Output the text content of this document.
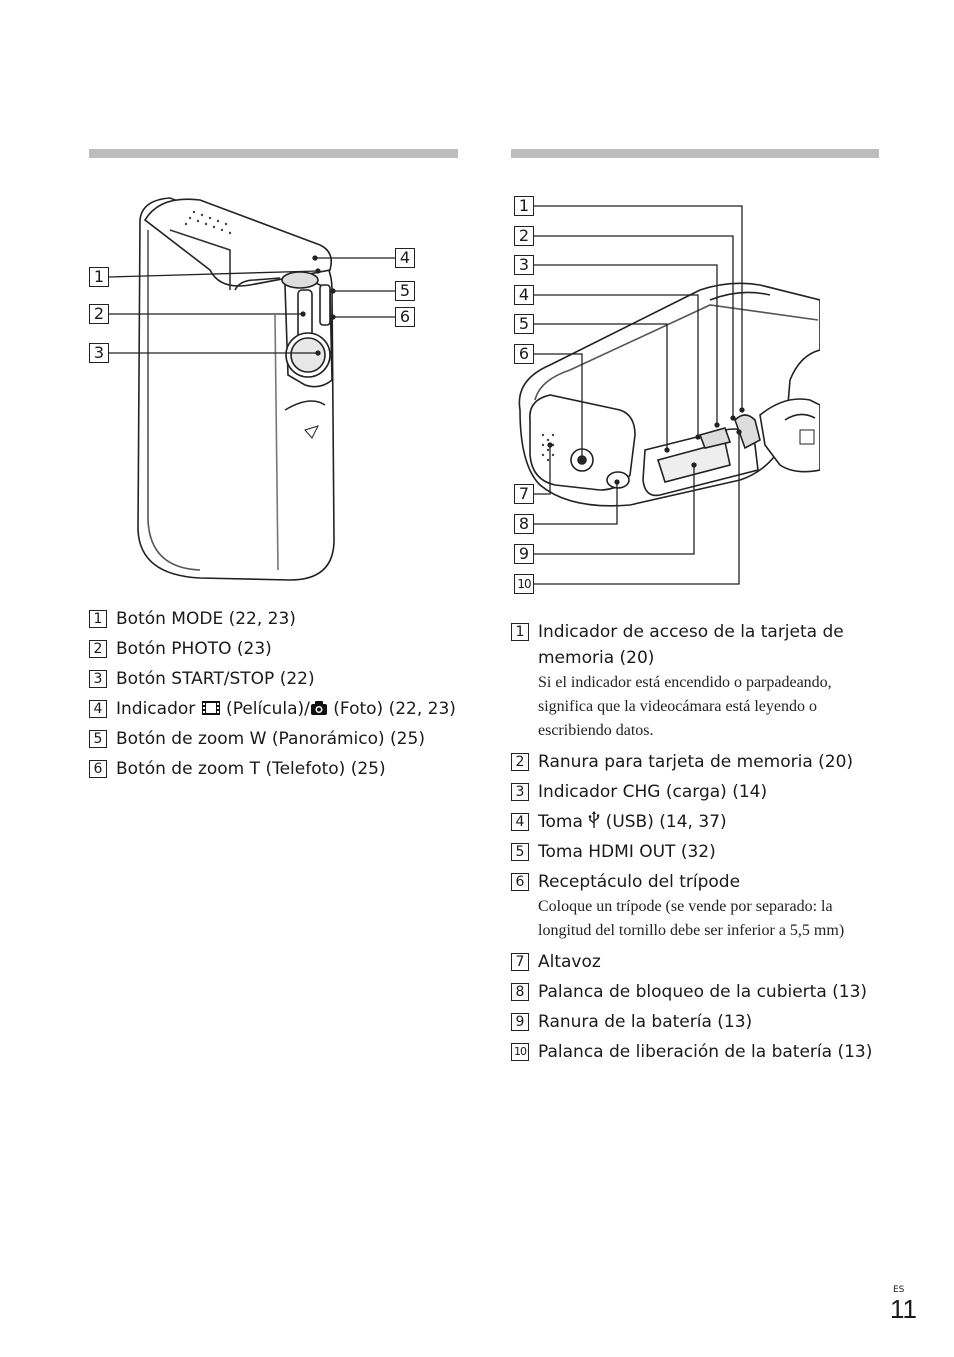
1
2
3
4
5
6
1
2
3
4
5
6
7
8
9
10
1 Botón MODE (22, 23)
2 Botón PHOTO (23)
3 Botón START/STOP (22)
4 Indicador  (Película)/ (Foto) (22, 23)
5 Botón de zoom W (Panorámico) (25)
6 Botón de zoom T (Telefoto) (25)
1 Indicador de acceso de la tarjeta de memoria (20)

Si el indicador está encendido o parpadeando, significa que la videocámara está leyendo o escribiendo datos.

2 Ranura para tarjeta de memoria (20)
3 Indicador CHG (carga) (14)
4 Toma  (USB) (14, 37)
5 Toma HDMI OUT (32)
6 Receptáculo del trípode

Coloque un trípode (se vende por separado: la longitud del tornillo debe ser inferior a 5,5 mm)

7 Altavoz
8 Palanca de bloqueo de la cubierta (13)
9 Ranura de la batería (13)
10 Palanca de liberación de la batería (13)
ES
11
